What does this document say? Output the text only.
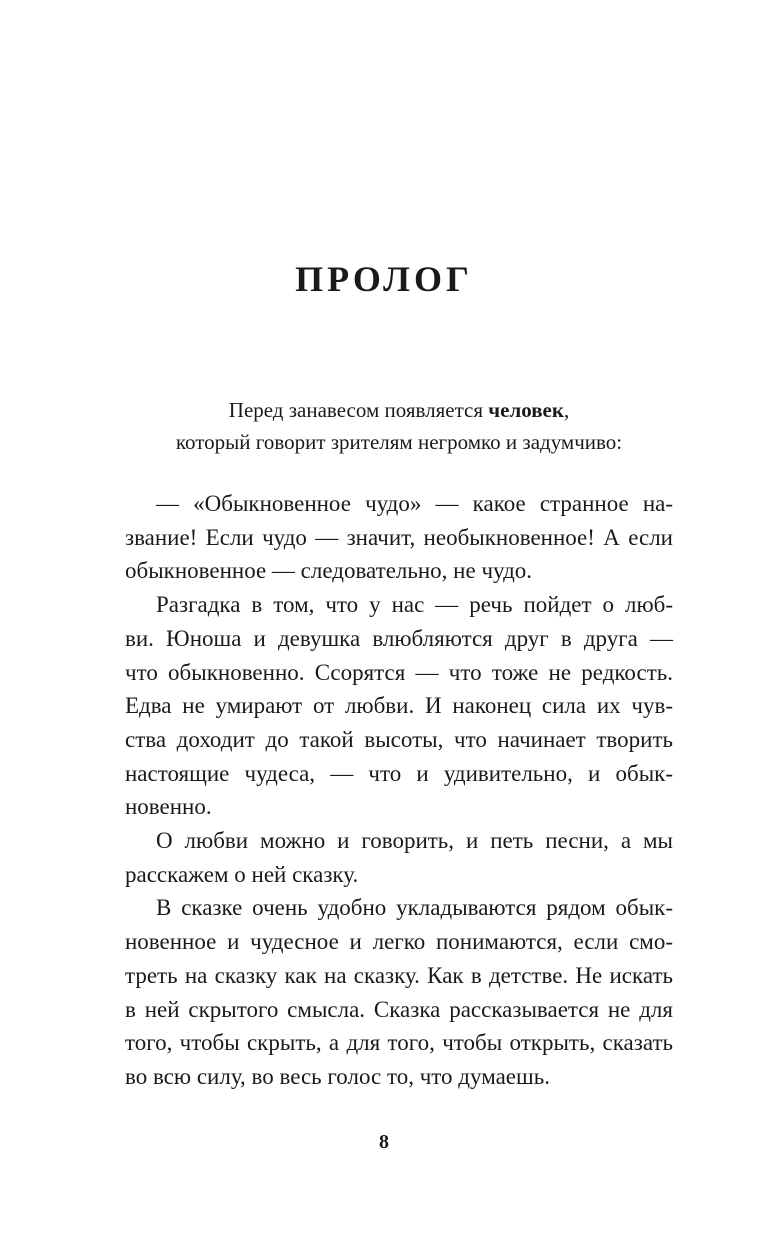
ПРОЛОГ
Перед занавесом появляется человек,
который говорит зрителям негромко и задумчиво:
— «Обыкновенное чудо» — какое странное на-
звание! Если чудо — значит, необыкновенное! А если
обыкновенное — следовательно, не чудо.
Разгадка в том, что у нас — речь пойдет о люб-
ви. Юноша и девушка влюбляются друг в друга —
что обыкновенно. Ссорятся — что тоже не редкость.
Едва не умирают от любви. И наконец сила их чув-
ства доходит до такой высоты, что начинает творить
настоящие чудеса, — что и удивительно, и обык-
новенно.
О любви можно и говорить, и петь песни, а мы
расскажем о ней сказку.
В сказке очень удобно укладываются рядом обык-
новенное и чудесное и легко понимаются, если смо-
треть на сказку как на сказку. Как в детстве. Не искать
в ней скрытого смысла. Сказка рассказывается не для
того, чтобы скрыть, а для того, чтобы открыть, сказать
во всю силу, во весь голос то, что думаешь.
8
